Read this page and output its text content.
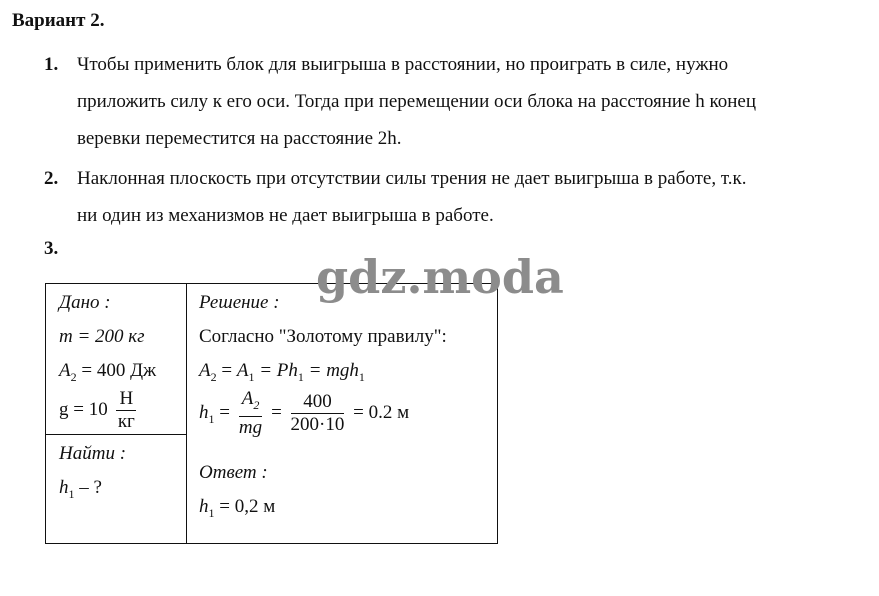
Вариант 2.
1. Чтобы применить блок для выигрыша в расстоянии, но проиграть в силе, нужно
приложить силу к его оси. Тогда при перемещении оси блока на расстояние h конец
веревки переместится на расстояние 2h.
2. Наклонная плоскость при отсутствии силы трения не дает выигрыша в работе, т.к.
ни один из механизмов не дает выигрыша в работе.
3.
Дано :
m = 200 кг
$A_2 = 400$ Дж
$g = 10 \frac{Н}{кг}$

Решение :
Согласно "Золотому правилу":
$A_2 = A_1 = Ph_1 = mgh_1$
$h_1 = \frac{A_2}{mg} = \frac{400}{200\cdot 10} = 0.2$ м
Ответ :
$h_1 = 0,2$ м

Найти :
$h_1$ – ?
gdz.moda
